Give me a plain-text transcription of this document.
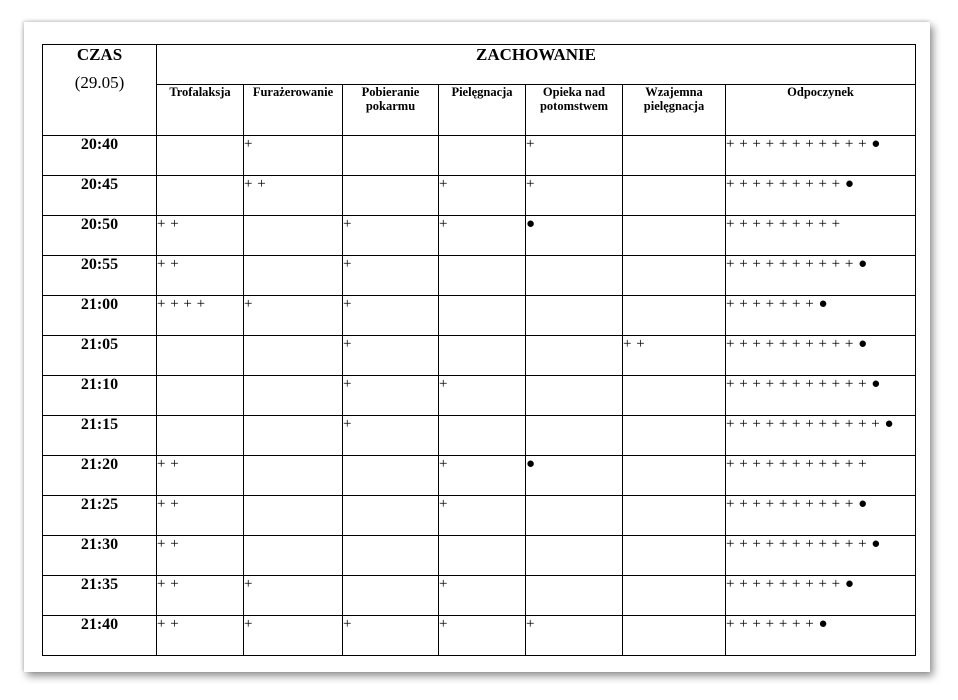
CZAS
(29.05)	ZACHOWANIE						
	Trofalaksja	Furażerowanie	Pobieranie pokarmu	Pielęgnacja	Opieka nad potomstwem	Wzajemna pielęgnacja	Odpoczynek
20:40		+			+		+ + + + + + + + + + + ●
20:45		+ +		+	+		+ + + + + + + + + ●
20:50	+ +		+	+	●		+ + + + + + + + +
20:55	+ +		+				+ + + + + + + + + + ●
21:00	+ + + +	+	+				+ + + + + + + ●
21:05			+			+ +	+ + + + + + + + + + ●
21:10			+	+			+ + + + + + + + + + + ●
21:15			+				+ + + + + + + + + + + + ●
21:20	+ +			+	●		+ + + + + + + + + + +
21:25	+ +			+			+ + + + + + + + + + ●
21:30	+ +						+ + + + + + + + + + + ●
21:35	+ +	+		+			+ + + + + + + + + ●
21:40	+ +	+	+	+	+		+ + + + + + + ●
